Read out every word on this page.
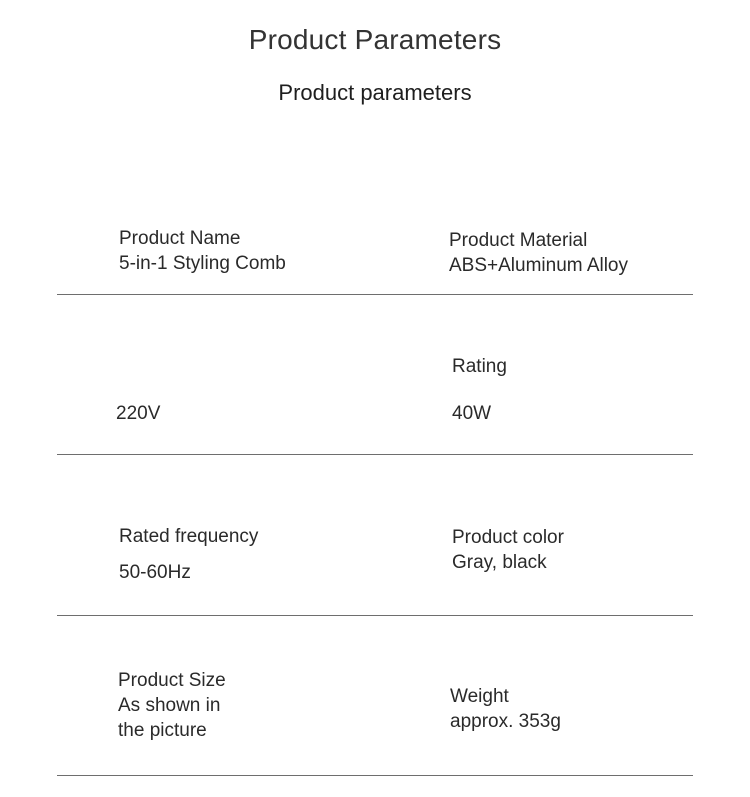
Product Parameters
Product parameters
Product Name
5-in-1 Styling Comb
Product Material
ABS+Aluminum Alloy
220V
Rating
40W
Rated frequency
50-60Hz
Product color
Gray, black
Product Size
As shown in
the picture
Weight
approx. 353g
